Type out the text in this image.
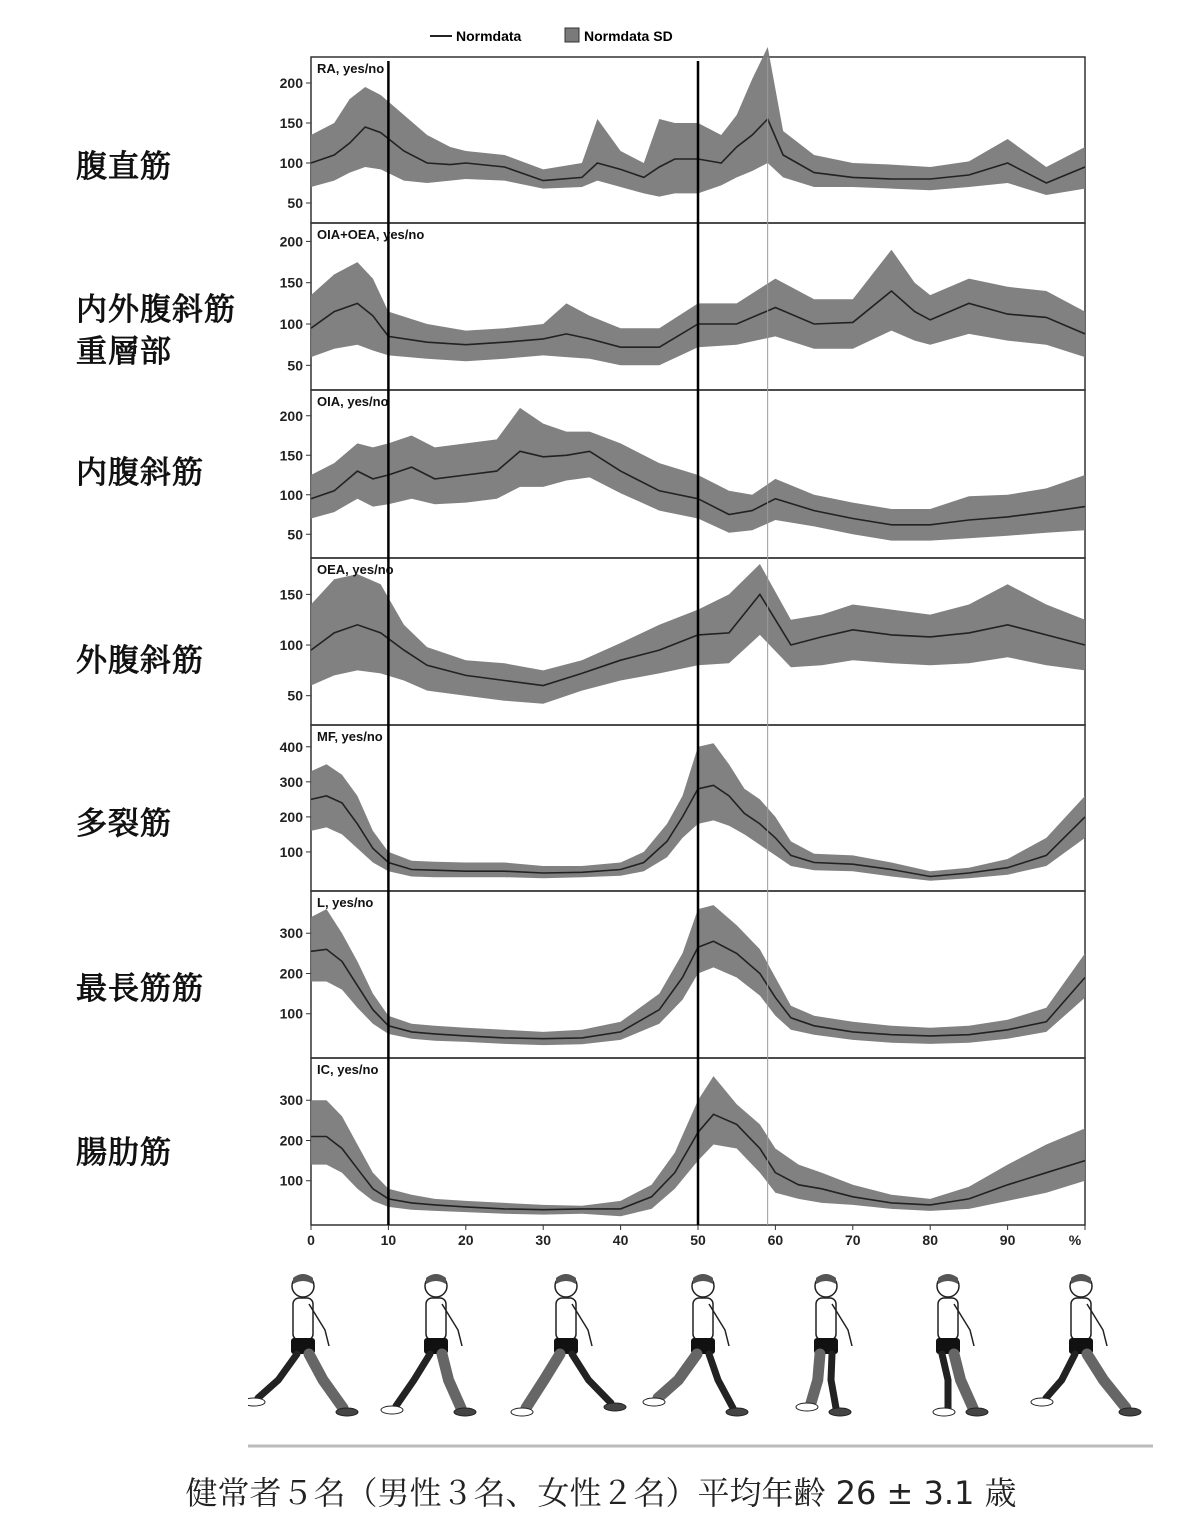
Normdata	Normdata SD
50
100
150
200
RA, yes/no
50
100
150
200 OIA+OEA, yes/no
50
100
150
200
OIA, yes/no
50
100
150
OEA, yes/no
100
200
300
400
MF, yes/no
100
200
300
L, yes/no
100
200
300
IC, yes/no
0	10	20	30	40	50	60	70	80	90	%
腹直筋
内外腹斜筋
重層部
内腹斜筋
外腹斜筋
多裂筋
最長筋筋
腸肋筋
健常者５名（男性３名、女性２名）平均年齢 26 ± 3.1 歳
